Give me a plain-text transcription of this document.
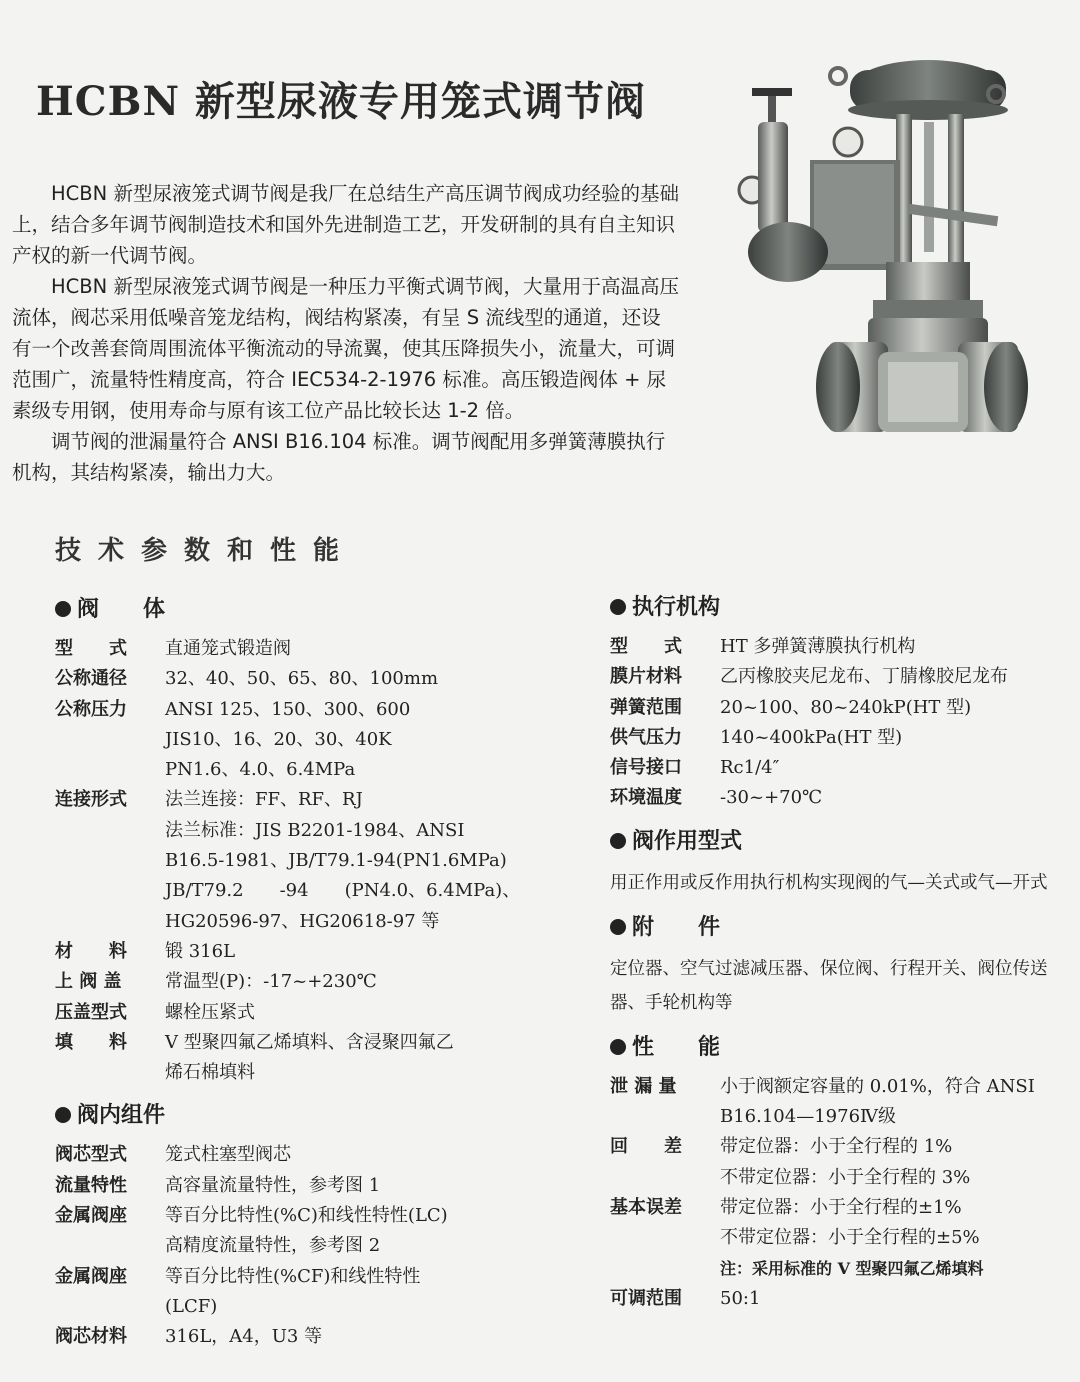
HCBN 新型尿液专用笼式调节阀

HCBN 新型尿液笼式调节阀是我厂在总结生产高压调节阀成功经验的基础上，结合多年调节阀制造技术和国外先进制造工艺，开发研制的具有自主知识产权的新一代调节阀。

HCBN 新型尿液笼式调节阀是一种压力平衡式调节阀，大量用于高温高压流体，阀芯采用低噪音笼龙结构，阀结构紧凑，有呈 S 流线型的通道，还设有一个改善套筒周围流体平衡流动的导流翼，使其压降损失小，流量大，可调范围广，流量特性精度高，符合 IEC534-2-1976 标准。高压锻造阀体 + 尿素级专用钢，使用寿命与原有该工位产品比较长达 1-2 倍。

调节阀的泄漏量符合 ANSI B16.104 标准。调节阀配用多弹簧薄膜执行机构，其结构紧凑，输出力大。

技术参数和性能
阀　　体
型　　式	直通笼式锻造阀
公称通径	32、40、50、65、80、100mm
公称压力	ANSI 125、150、300、600
JIS10、16、20、30、40K
PN1.6、4.0、6.4MPa
连接形式	法兰连接：FF、RF、RJ
法兰标准：JIS B2201-1984、ANSI
B16.5-1981、JB/T79.1-94(PN1.6MPa)
JB/T79.2　　-94　　(PN4.0、6.4MPa)、
HG20596-97、HG20618-97 等
材　　料	锻 316L
上 阀 盖	常温型(P)：-17~+230℃
压盖型式	螺栓压紧式
填　　料	V 型聚四氟乙烯填料、含浸聚四氟乙
烯石棉填料
阀内组件
阀芯型式	笼式柱塞型阀芯
流量特性	高容量流量特性，参考图 1
金属阀座	等百分比特性(%C)和线性特性(LC)
高精度流量特性，参考图 2
金属阀座	等百分比特性(%CF)和线性特性
(LCF)
阀芯材料	316L，A4，U3 等
执行机构
型　　式	HT 多弹簧薄膜执行机构
膜片材料	乙丙橡胶夹尼龙布、丁腈橡胶尼龙布
弹簧范围	20~100、80~240kP(HT 型)
供气压力	140~400kPa(HT 型)
信号接口	Rc1/4″
环境温度	-30~+70℃
阀作用型式
用正作用或反作用执行机构实现阀的气—关式或气—开式
附　　件
定位器、空气过滤减压器、保位阀、行程开关、阀位传送器、手轮机构等
性　　能
泄 漏 量	小于阀额定容量的 0.01%，符合 ANSI
B16.104—1976Ⅳ级
回　　差	带定位器：小于全行程的 1%
不带定位器：小于全行程的 3%
基本误差	带定位器：小于全行程的±1%
不带定位器：小于全行程的±5%
注：采用标准的 V 型聚四氟乙烯填料
可调范围	50:1
